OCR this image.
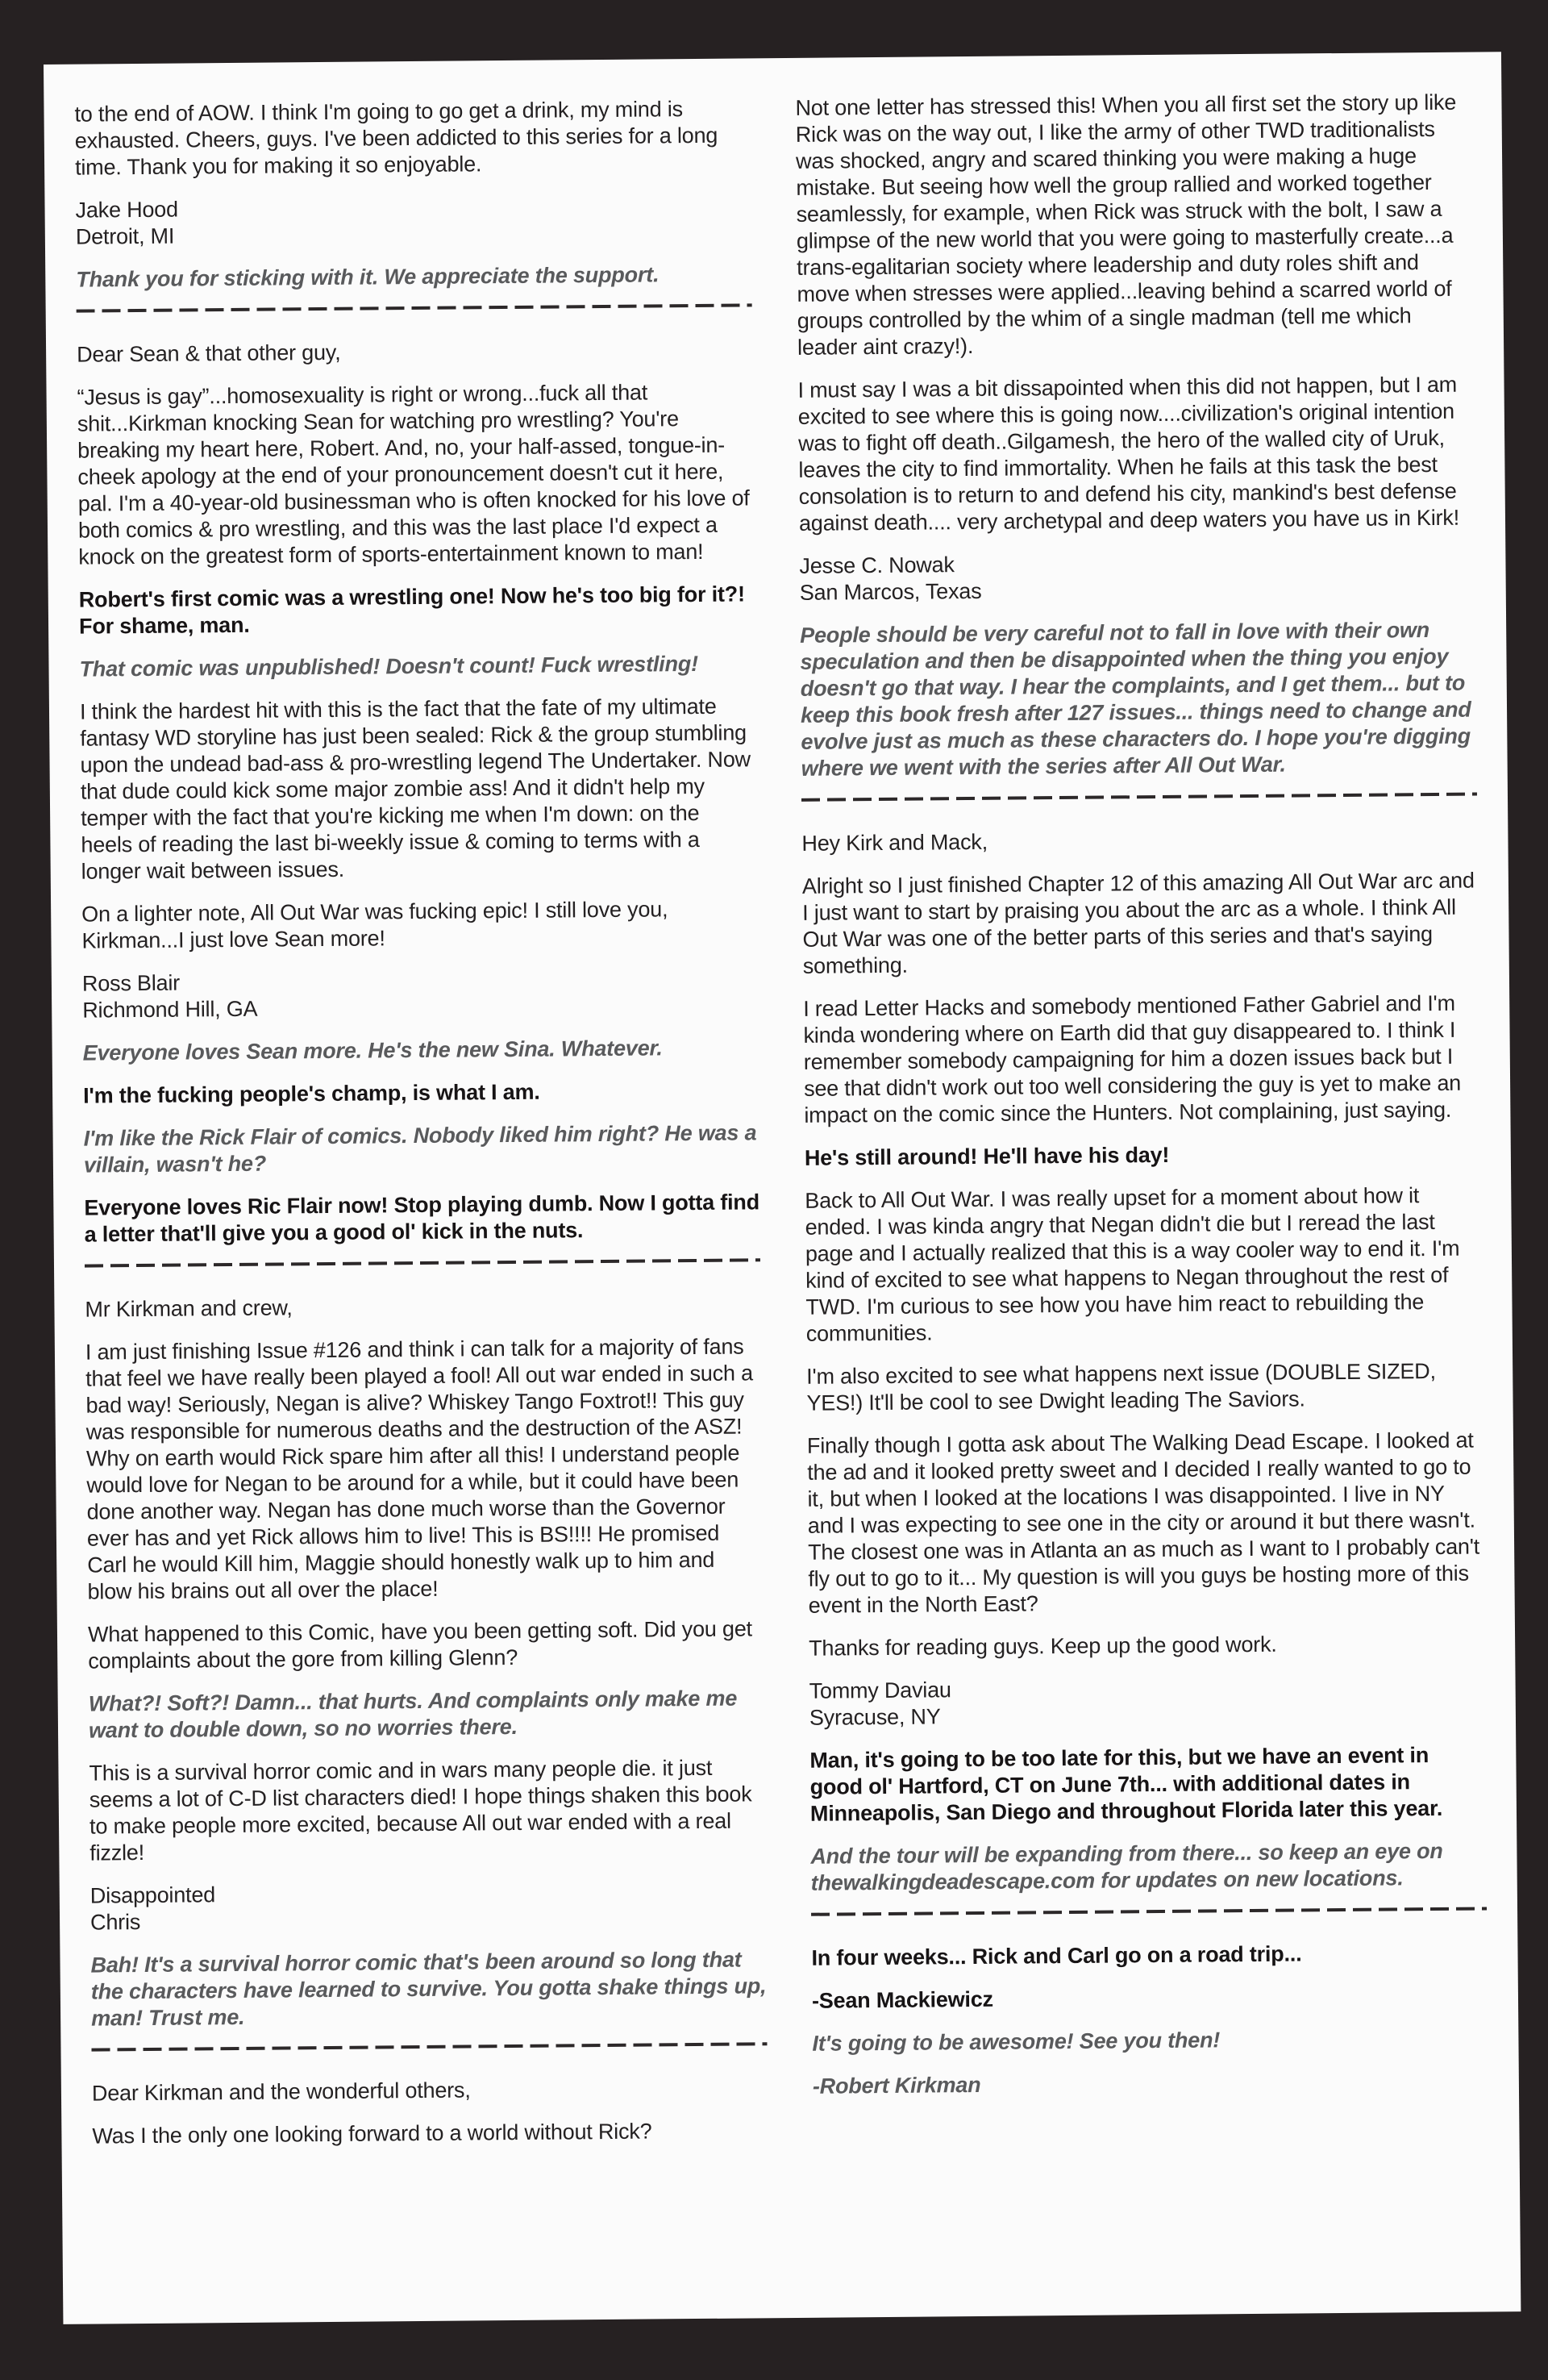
to the end of AOW. I think I'm going to go get a drink, my mind is exhausted. Cheers, guys. I've been addicted to this series for a long time. Thank you for making it so enjoyable.

Jake Hood
Detroit, MI

Thank you for sticking with it. We appreciate the support.

Dear Sean & that other guy,

“Jesus is gay”...homosexuality is right or wrong...fuck all that shit...Kirkman knocking Sean for watching pro wrestling? You're breaking my heart here, Robert. And, no, your half-assed, tongue-in-cheek apology at the end of your pronouncement doesn't cut it here, pal. I'm a 40-year-old businessman who is often knocked for his love of both comics & pro wrestling, and this was the last place I'd expect a knock on the greatest form of sports-entertainment known to man!

Robert's first comic was a wrestling one! Now he's too big for it?! For shame, man.

That comic was unpublished! Doesn't count! Fuck wrestling!

I think the hardest hit with this is the fact that the fate of my ultimate fantasy WD storyline has just been sealed: Rick & the group stumbling upon the undead bad-ass & pro-wrestling legend The Undertaker. Now that dude could kick some major zombie ass! And it didn't help my temper with the fact that you're kicking me when I'm down: on the heels of reading the last bi-weekly issue & coming to terms with a longer wait between issues.

On a lighter note, All Out War was fucking epic! I still love you, Kirkman...I just love Sean more!

Ross Blair
Richmond Hill, GA

Everyone loves Sean more. He's the new Sina. Whatever.

I'm the fucking people's champ, is what I am.

I'm like the Rick Flair of comics. Nobody liked him right? He was a villain, wasn't he?

Everyone loves Ric Flair now! Stop playing dumb. Now I gotta find a letter that'll give you a good ol' kick in the nuts.

Mr Kirkman and crew,

I am just finishing Issue #126 and think i can talk for a majority of fans that feel we have really been played a fool! All out war ended in such a bad way! Seriously, Negan is alive? Whiskey Tango Foxtrot!! This guy was responsible for numerous deaths and the destruction of the ASZ! Why on earth would Rick spare him after all this! I understand people would love for Negan to be around for a while, but it could have been done another way. Negan has done much worse than the Governor ever has and yet Rick allows him to live! This is BS!!!! He promised Carl he would Kill him, Maggie should honestly walk up to him and blow his brains out all over the place!

What happened to this Comic, have you been getting soft. Did you get complaints about the gore from killing Glenn?

What?! Soft?! Damn... that hurts. And complaints only make me want to double down, so no worries there.

This is a survival horror comic and in wars many people die. it just seems a lot of C-D list characters died! I hope things shaken this book to make people more excited, because All out war ended with a real fizzle!

Disappointed
Chris

Bah! It's a survival horror comic that's been around so long that the characters have learned to survive. You gotta shake things up, man! Trust me.

Dear Kirkman and the wonderful others,

Was I the only one looking forward to a world without Rick?

Not one letter has stressed this! When you all first set the story up like Rick was on the way out, I like the army of other TWD traditionalists was shocked, angry and scared thinking you were making a huge mistake. But seeing how well the group rallied and worked together seamlessly, for example, when Rick was struck with the bolt, I saw a glimpse of the new world that you were going to masterfully create...a trans-egalitarian society where leadership and duty roles shift and move when stresses were applied...leaving behind a scarred world of groups controlled by the whim of a single madman (tell me which leader aint crazy!).

I must say I was a bit dissapointed when this did not happen, but I am excited to see where this is going now....civilization's original intention was to fight off death..Gilgamesh, the hero of the walled city of Uruk, leaves the city to find immortality. When he fails at this task the best consolation is to return to and defend his city, mankind's best defense against death.... very archetypal and deep waters you have us in Kirk!

Jesse C. Nowak
San Marcos, Texas

People should be very careful not to fall in love with their own speculation and then be disappointed when the thing you enjoy doesn't go that way. I hear the complaints, and I get them... but to keep this book fresh after 127 issues... things need to change and evolve just as much as these characters do. I hope you're digging where we went with the series after All Out War.

Hey Kirk and Mack,

Alright so I just finished Chapter 12 of this amazing All Out War arc and I just want to start by praising you about the arc as a whole. I think All Out War was one of the better parts of this series and that's saying something.

I read Letter Hacks and somebody mentioned Father Gabriel and I'm kinda wondering where on Earth did that guy disappeared to. I think I remember somebody campaigning for him a dozen issues back but I see that didn't work out too well considering the guy is yet to make an impact on the comic since the Hunters. Not complaining, just saying.

He's still around! He'll have his day!

Back to All Out War. I was really upset for a moment about how it ended. I was kinda angry that Negan didn't die but I reread the last page and I actually realized that this is a way cooler way to end it. I'm kind of excited to see what happens to Negan throughout the rest of TWD. I'm curious to see how you have him react to rebuilding the communities.

I'm also excited to see what happens next issue (DOUBLE SIZED, YES!) It'll be cool to see Dwight leading The Saviors.

Finally though I gotta ask about The Walking Dead Escape. I looked at the ad and it looked pretty sweet and I decided I really wanted to go to it, but when I looked at the locations I was disappointed. I live in NY and I was expecting to see one in the city or around it but there wasn't. The closest one was in Atlanta an as much as I want to I probably can't fly out to go to it... My question is will you guys be hosting more of this event in the North East?

Thanks for reading guys. Keep up the good work.

Tommy Daviau
Syracuse, NY

Man, it's going to be too late for this, but we have an event in good ol' Hartford, CT on June 7th... with additional dates in Minneapolis, San Diego and throughout Florida later this year.

And the tour will be expanding from there... so keep an eye on thewalkingdeadescape.com for updates on new locations.

In four weeks... Rick and Carl go on a road trip...

-Sean Mackiewicz

It's going to be awesome! See you then!

-Robert Kirkman
